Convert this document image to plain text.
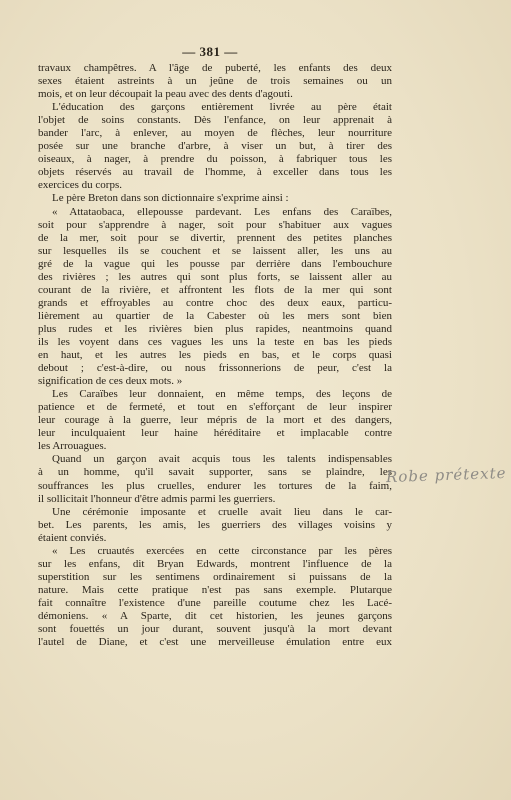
— 381 —
travaux champêtres. A l'âge de puberté, les enfants des deux
sexes étaient astreints à un jeûne de trois semaines ou un
mois, et on leur découpait la peau avec des dents d'agouti.
L'éducation des garçons entièrement livrée au père était
l'objet de soins constants. Dès l'enfance, on leur apprenait à
bander l'arc, à enlever, au moyen de flèches, leur nourriture
posée sur une branche d'arbre, à viser un but, à tirer des
oiseaux, à nager, à prendre du poisson, à fabriquer tous les
objets réservés au travail de l'homme, à exceller dans tous les
exercices du corps.
Le père Breton dans son dictionnaire s'exprime ainsi :
« Attataobaca, ellepousse pardevant. Les enfans des Caraïbes,
soit pour s'apprendre à nager, soit pour s'habituer aux vagues
de la mer, soit pour se divertir, prennent des petites planches
sur lesquelles ils se couchent et se laissent aller, les uns au
gré de la vague qui les pousse par derrière dans l'embouchure
des rivières ; les autres qui sont plus forts, se laissent aller au
courant de la rivière, et affrontent les flots de la mer qui sont
grands et effroyables au contre choc des deux eaux, particu-
lièrement au quartier de la Cabester où les mers sont bien
plus rudes et les rivières bien plus rapides, neantmoins quand
ils les voyent dans ces vagues les uns la teste en bas les pieds
en haut, et les autres les pieds en bas, et le corps quasi
debout ; c'est-à-dire, ou nous frissonnerions de peur, c'est la
signification de ces deux mots. »
Les Caraïbes leur donnaient, en même temps, des leçons de
patience et de fermeté, et tout en s'efforçant de leur inspirer
leur courage à la guerre, leur mépris de la mort et des dangers,
leur inculquaient leur haine héréditaire et implacable contre
les Arrouagues.
Quand un garçon avait acquis tous les talents indispensables
à un homme, qu'il savait supporter, sans se plaindre, les
souffrances les plus cruelles, endurer les tortures de la faim,
il sollicitait l'honneur d'être admis parmi les guerriers.
Une cérémonie imposante et cruelle avait lieu dans le car-
bet. Les parents, les amis, les guerriers des villages voisins y
étaient conviés.
« Les cruautés exercées en cette circonstance par les pères
sur les enfans, dit Bryan Edwards, montrent l'influence de la
superstition sur les sentimens ordinairement si puissans de la
nature. Mais cette pratique n'est pas sans exemple. Plutarque
fait connaître l'existence d'une pareille coutume chez les Lacé-
démoniens. « A Sparte, dit cet historien, les jeunes garçons
sont fouettés un jour durant, souvent jusqu'à la mort devant
l'autel de Diane, et c'est une merveilleuse émulation entre eux
Robe prétexte
